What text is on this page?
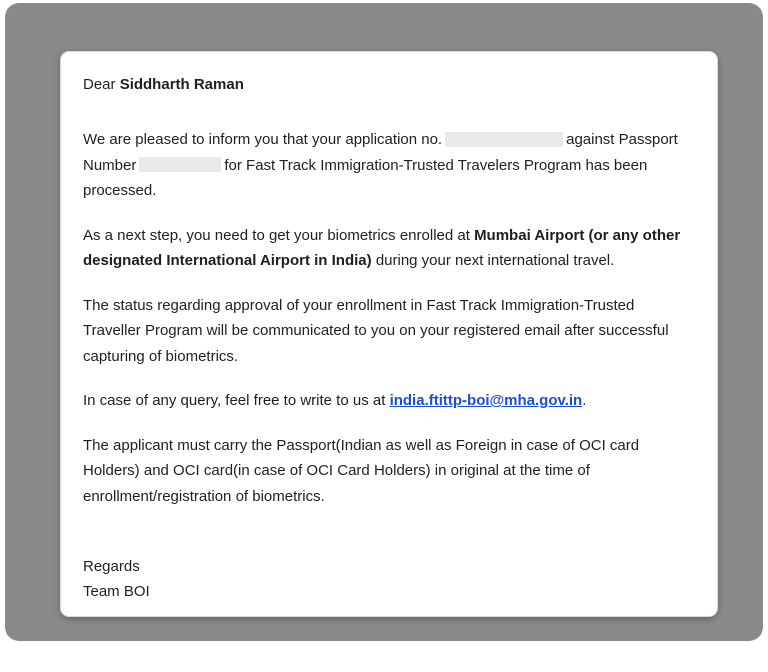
Dear Siddharth Raman

We are pleased to inform you that your application no.	against Passport Number	for Fast Track Immigration-Trusted Travelers Program has been processed.

As a next step, you need to get your biometrics enrolled at Mumbai Airport (or any other designated International Airport in India) during your next international travel.

The status regarding approval of your enrollment in Fast Track Immigration-Trusted Traveller Program will be communicated to you on your registered email after successful capturing of biometrics.

In case of any query, feel free to write to us at india.ftittp-boi@mha.gov.in.

The applicant must carry the Passport(Indian as well as Foreign in case of OCI card Holders) and OCI card(in case of OCI Card Holders) in original at the time of enrollment/registration of biometrics.

Regards
Team BOI
